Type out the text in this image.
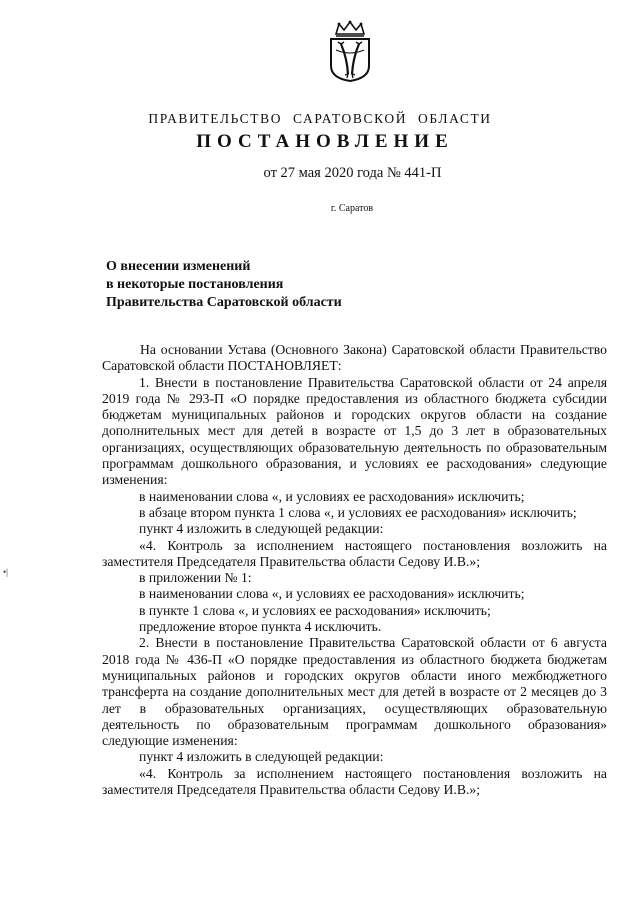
ПРАВИТЕЛЬСТВО САРАТОВСКОЙ ОБЛАСТИ
ПОСТАНОВЛЕНИЕ
от 27 мая 2020 года № 441-П
г. Саратов
О внесении изменений
в некоторые постановления
Правительства Саратовской области
На основании Устава (Основного Закона) Саратовской области Правительство Саратовской области ПОСТАНОВЛЯЕТ:
1. Внести в постановление Правительства Саратовской области от 24 апреля 2019 года № 293-П «О порядке предоставления из областного бюджета субсидии бюджетам муниципальных районов и городских округов области на создание дополнительных мест для детей в возрасте от 1,5 до 3 лет в образовательных организациях, осуществляющих образовательную деятельность по образовательным программам дошкольного образования, и условиях ее расходования» следующие изменения:
в наименовании слова «, и условиях ее расходования» исключить;
в абзаце втором пункта 1 слова «, и условиях ее расходования» исключить;
пункт 4 изложить в следующей редакции:
«4. Контроль за исполнением настоящего постановления возложить на заместителя Председателя Правительства области Седову И.В.»;
в приложении № 1:
в наименовании слова «, и условиях ее расходования» исключить;
в пункте 1 слова «, и условиях ее расходования» исключить;
предложение второе пункта 4 исключить.
2. Внести в постановление Правительства Саратовской области от 6 августа 2018 года № 436-П «О порядке предоставления из областного бюджета бюджетам муниципальных районов и городских округов области иного межбюджетного трансферта на создание дополнительных мест для детей в возрасте от 2 месяцев до 3 лет в образовательных организациях, осуществляющих образовательную деятельность по образовательным программам дошкольного образования» следующие изменения:
пункт 4 изложить в следующей редакции:
«4. Контроль за исполнением настоящего постановления возложить на заместителя Председателя Правительства области Седову И.В.»;
•|
